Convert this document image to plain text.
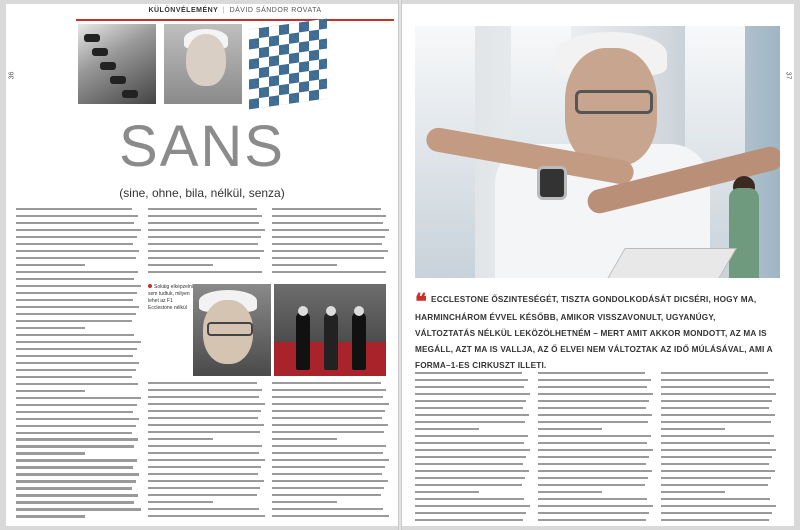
KÜLÖNVÉLEMÉNY | DÁVID SÁNDOR ROVATA
36
SANS
(sine, ohne, bila, nélkül, senza)
Sokáig elképzelni sem tudtuk, milyen lehet az F1 Ecclestone nélkül
37
❝ ECCLESTONE ŐSZINTESÉGÉT, TISZTA GONDOLKODÁSÁT DICSÉRI, HOGY MA, HARMINCHÁROM ÉVVEL KÉSŐBB, AMIKOR VISSZAVONULT, UGYANÚGY, VÁLTOZTATÁS NÉLKÜL LEKÖZÖLHETNÉM – MERT AMIT AKKOR MONDOTT, AZ MA IS MEGÁLL, AZT MA IS VALLJA, AZ Ő ELVEI NEM VÁLTOZTAK AZ IDŐ MÚLÁSÁVAL, AMI A FORMA–1-ES CIRKUSZT ILLETI.
